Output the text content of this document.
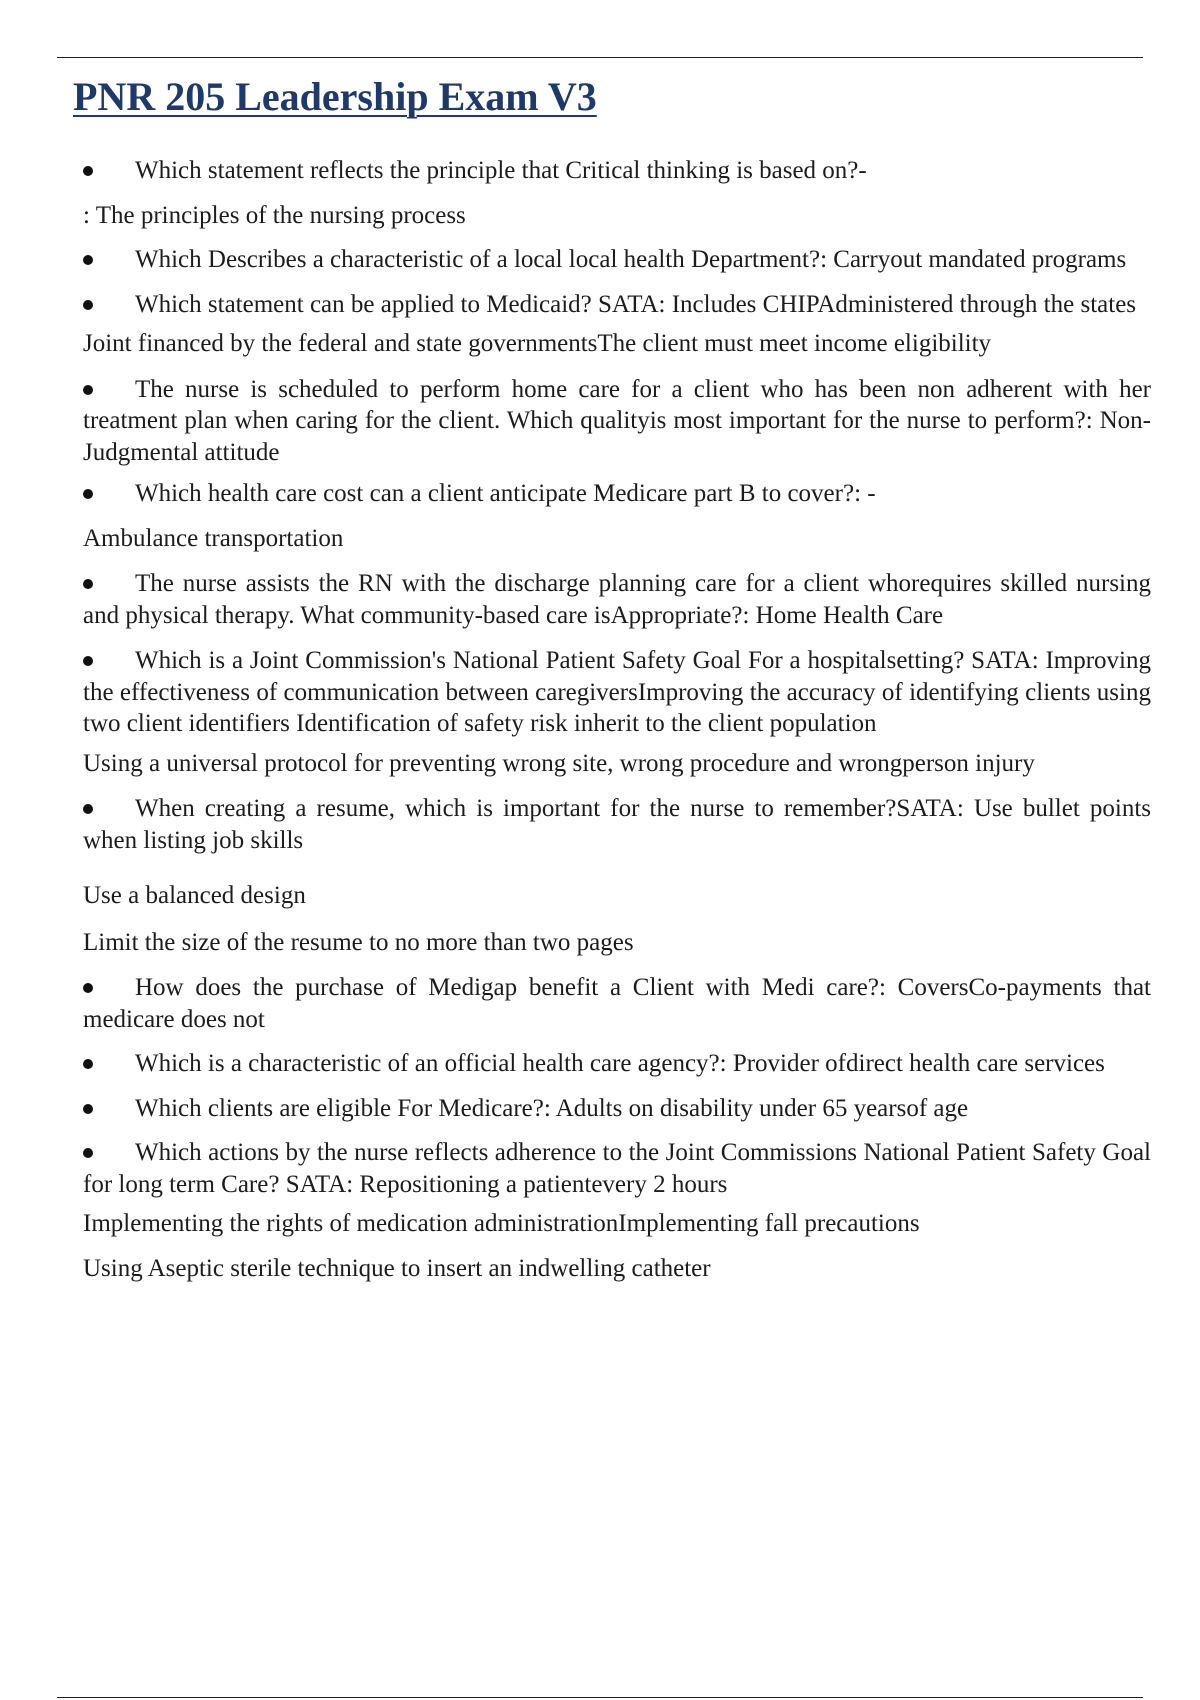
PNR 205 Leadership Exam V3

Which statement reflects the principle that Critical thinking is based on?-

: The principles of the nursing process

Which Describes a characteristic of a local local health Department?: Carryout mandated programs

Which statement can be applied to Medicaid? SATA: Includes CHIPAdministered through the states

Joint financed by the federal and state governmentsThe client must meet income eligibility

The nurse is scheduled to perform home care for a client who has been non adherent with her treatment plan when caring for the client. Which qualityis most important for the nurse to perform?: Non- Judgmental attitude

Which health care cost can a client anticipate Medicare part B to cover?: -

Ambulance transportation

The nurse assists the RN with the discharge planning care for a client whorequires skilled nursing and physical therapy. What community-based care isAppropriate?: Home Health Care

Which is a Joint Commission's National Patient Safety Goal For a hospitalsetting? SATA: Improving the effectiveness of communication between caregiversImproving the accuracy of identifying clients using two client identifiers Identification of safety risk inherit to the client population

Using a universal protocol for preventing wrong site, wrong procedure and wrongperson injury

When creating a resume, which is important for the nurse to remember?SATA: Use bullet points when listing job skills

Use a balanced design

Limit the size of the resume to no more than two pages

How does the purchase of Medigap benefit a Client with Medi care?: CoversCo-payments that medicare does not

Which is a characteristic of an official health care agency?: Provider ofdirect health care services

Which clients are eligible For Medicare?: Adults on disability under 65 yearsof age

Which actions by the nurse reflects adherence to the Joint Commissions National Patient Safety Goal for long term Care? SATA: Repositioning a patientevery 2 hours

Implementing the rights of medication administrationImplementing fall precautions

Using Aseptic sterile technique to insert an indwelling catheter
